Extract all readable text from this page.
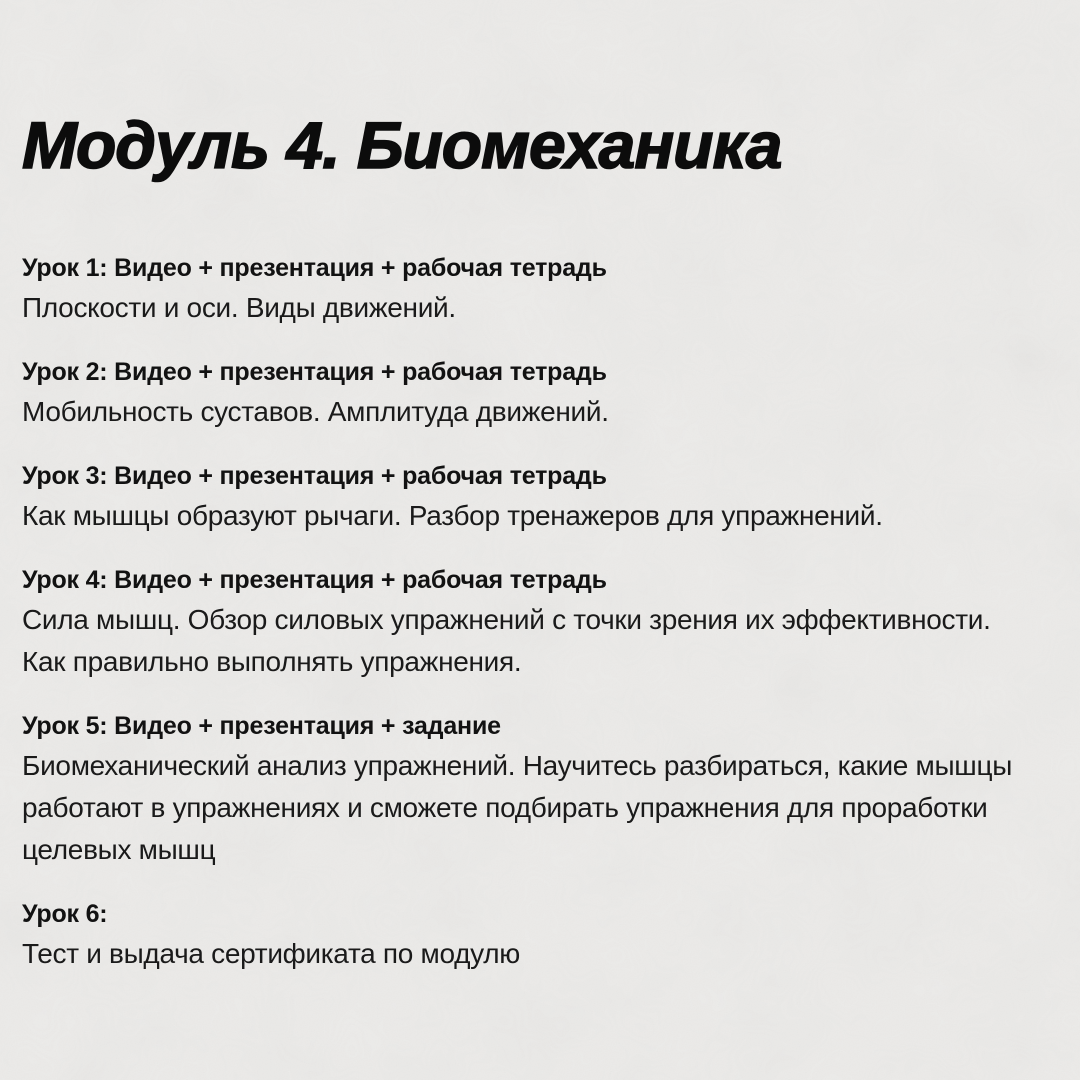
Модуль 4. Биомеханика
Урок 1: Видео + презентация + рабочая тетрадь
Плоскости и оси. Виды движений.
Урок 2: Видео + презентация + рабочая тетрадь
Мобильность суставов. Амплитуда движений.
Урок 3: Видео + презентация + рабочая тетрадь
Как мышцы образуют рычаги. Разбор тренажеров для упражнений.
Урок 4: Видео + презентация + рабочая тетрадь
Сила мышц. Обзор силовых упражнений с точки зрения их эффективности. Как правильно выполнять упражнения.
Урок 5: Видео + презентация + задание
Биомеханический анализ упражнений. Научитесь разбираться, какие мышцы работают в упражнениях и сможете подбирать упражнения для проработки целевых мышц
Урок 6:
Тест и выдача сертификата по модулю
